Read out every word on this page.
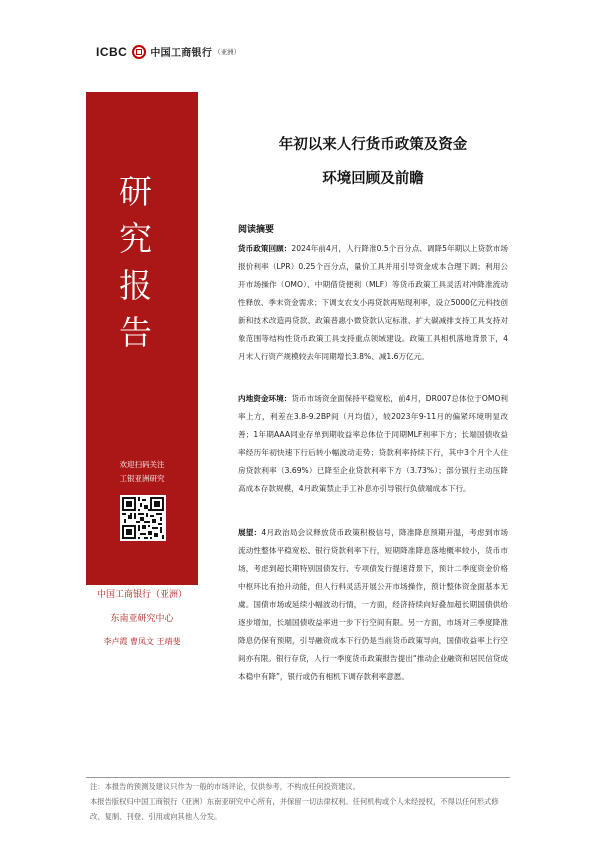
ICBC 中国工商银行 （亚洲）
研
究
报
告
欢迎扫码关注
工银亚洲研究
中国工商银行（亚洲）
东南亚研究中心
李卢霞 曹凤文 王靖斐
年初以来人行货币政策及资金
环境回顾及前瞻
阅读摘要
货币政策回顾：2024年前4月，人行降准0.5个百分点、调降5年期以上贷款市场报价利率（LPR）0.25个百分点，量价工具并用引导资金成本合理下调；利用公开市场操作（OMO）、中期借贷便利（MLF）等货币政策工具灵活对冲降准流动性释放、季末资金需求；下调支农支小再贷款再贴现利率，设立5000亿元科技创新和技术改造再贷款、政策普惠小微贷款认定标准、扩大碳减排支持工具支持对象范围等结构性货币政策工具支持重点领域建设。政策工具相机落地背景下，4月末人行资产规模较去年同期增长3.8%、减1.6万亿元。
内地资金环境：货币市场资金面保持平稳宽松，前4月，DR007总体位于OMO利率上方，利差在3.8-9.2BP间（月均值），较2023年9-11月的偏紧环境明显改善；1年期AAA同业存单到期收益率总体位于同期MLF利率下方；长端国债收益率经历年初快速下行后转小幅波动走势；贷款利率持续下行，其中3个月个人住房贷款利率（3.69%）已降至企业贷款利率下方（3.73%）；部分银行主动压降高成本存款规模，4月政策禁止手工补息亦引导银行负债端成本下行。
展望：4月政治局会议释放货币政策积极信号，降准降息预期升温，考虑到市场流动性整体平稳宽松、银行贷款利率下行，短期降准降息落地概率较小，货币市场，考虑到超长期特别国债发行、专项债发行提速背景下，预计二季度资金价格中枢环比有抬升动能，但人行料灵活开展公开市场操作，预计整体资金面基本无虞。国债市场或延续小幅波动行情，一方面，经济持续向好叠加超长期国债供给逐步增加，长端国债收益率进一步下行空间有限。另一方面，市场对三季度降准降息仍保有预期，引导融资成本下行仍是当前货币政策导向，国债收益率上行空间亦有限。银行存贷，人行一季度货币政策报告提出“推动企业融资和居民信贷成本稳中有降”，银行或仍有相机下调存款利率意愿。
注：本报告的预测及建议只作为一般的市场评论，仅供参考，不构成任何投资建议。
本报告版权归中国工商银行（亚洲）东南亚研究中心所有，并保留一切法律权利。任何机构或个人未经授权，不得以任何形式修改、复制、刊登、引用或向其他人分发。
